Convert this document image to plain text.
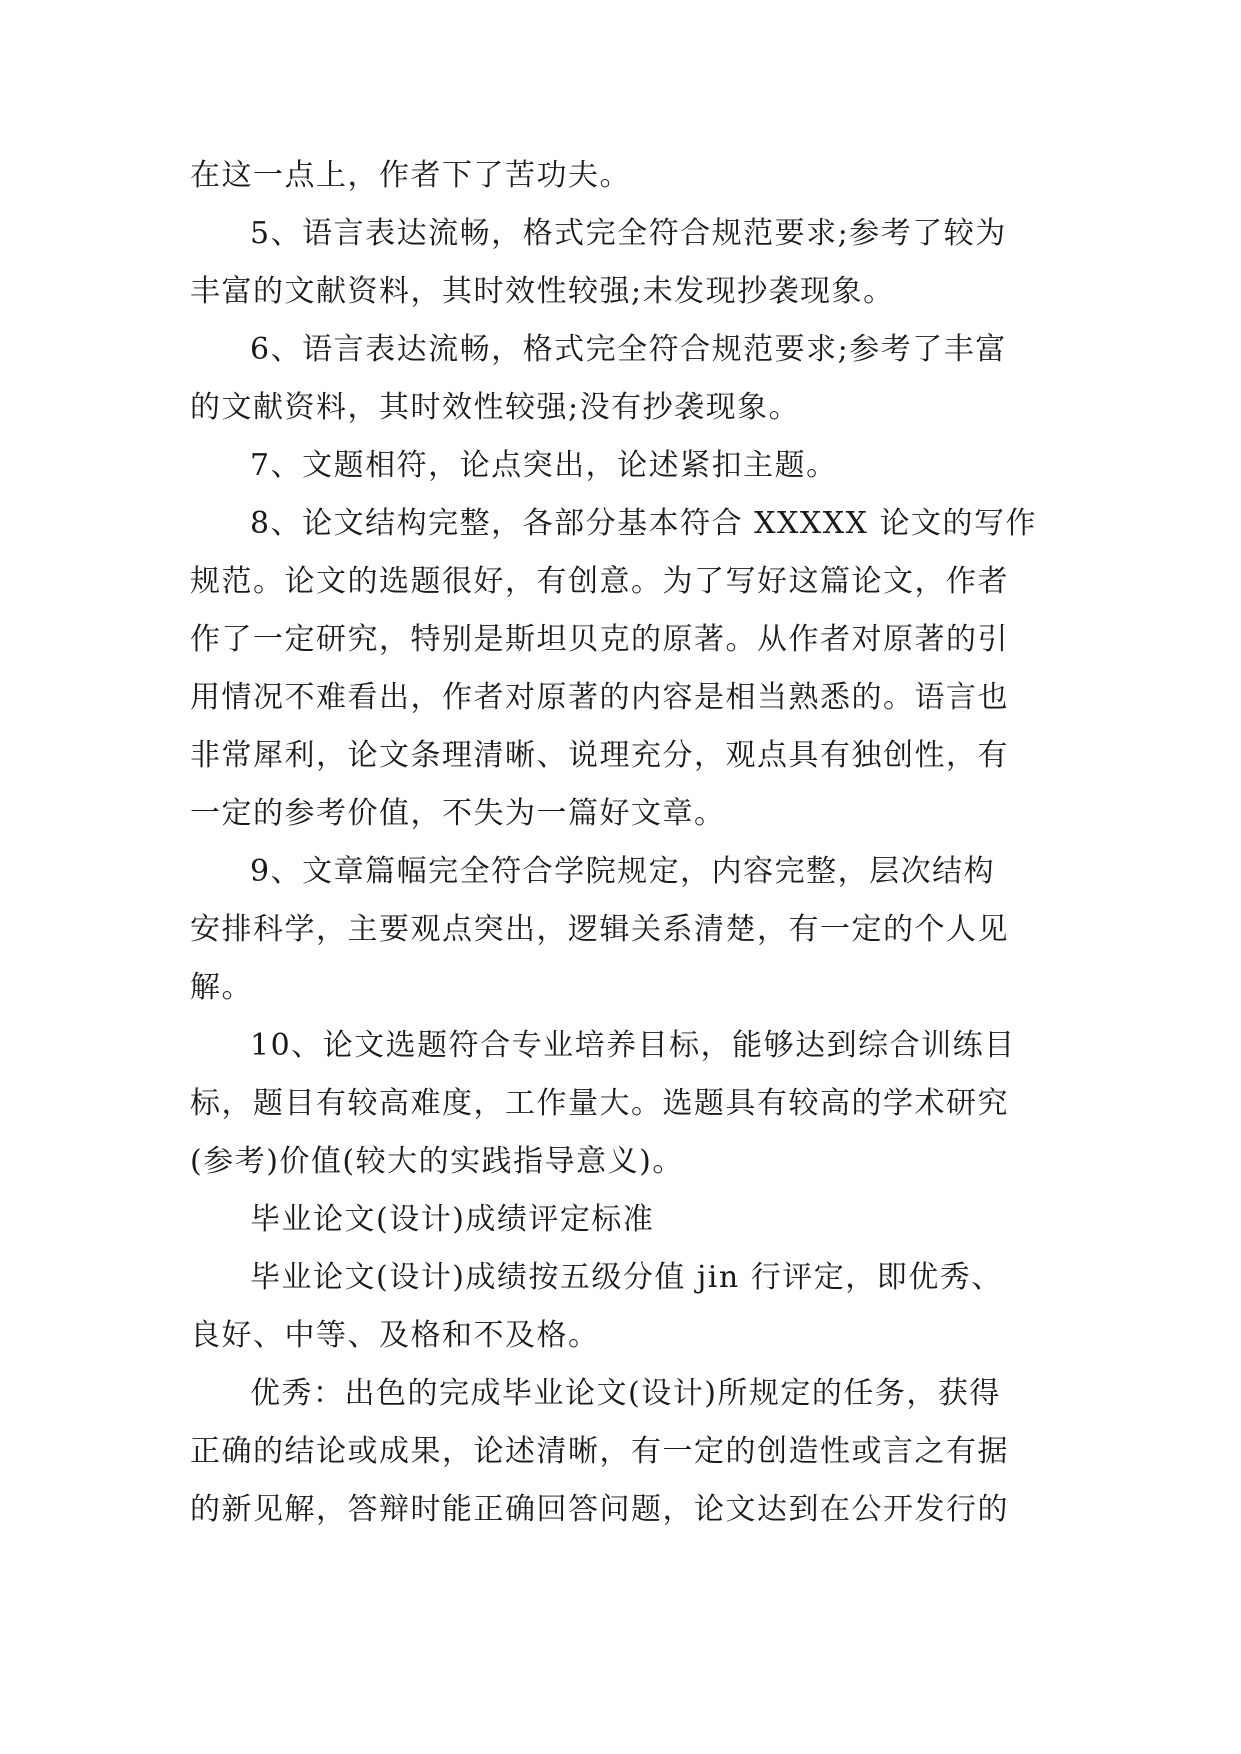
在这一点上，作者下了苦功夫。
5、语言表达流畅，格式完全符合规范要求;参考了较为
丰富的文献资料，其时效性较强;未发现抄袭现象。
6、语言表达流畅，格式完全符合规范要求;参考了丰富
的文献资料，其时效性较强;没有抄袭现象。
7、文题相符，论点突出，论述紧扣主题。
8、论文结构完整，各部分基本符合 XXXXX 论文的写作
规范。论文的选题很好，有创意。为了写好这篇论文，作者
作了一定研究，特别是斯坦贝克的原著。从作者对原著的引
用情况不难看出，作者对原著的内容是相当熟悉的。语言也
非常犀利，论文条理清晰、说理充分，观点具有独创性，有
一定的参考价值，不失为一篇好文章。
9、文章篇幅完全符合学院规定，内容完整，层次结构
安排科学，主要观点突出，逻辑关系清楚，有一定的个人见
解。
10、论文选题符合专业培养目标，能够达到综合训练目
标，题目有较高难度，工作量大。选题具有较高的学术研究
(参考)价值(较大的实践指导意义)。
毕业论文(设计)成绩评定标准
毕业论文(设计)成绩按五级分值 jin 行评定，即优秀、
良好、中等、及格和不及格。
优秀：出色的完成毕业论文(设计)所规定的任务，获得
正确的结论或成果，论述清晰，有一定的创造性或言之有据
的新见解，答辩时能正确回答问题，论文达到在公开发行的
